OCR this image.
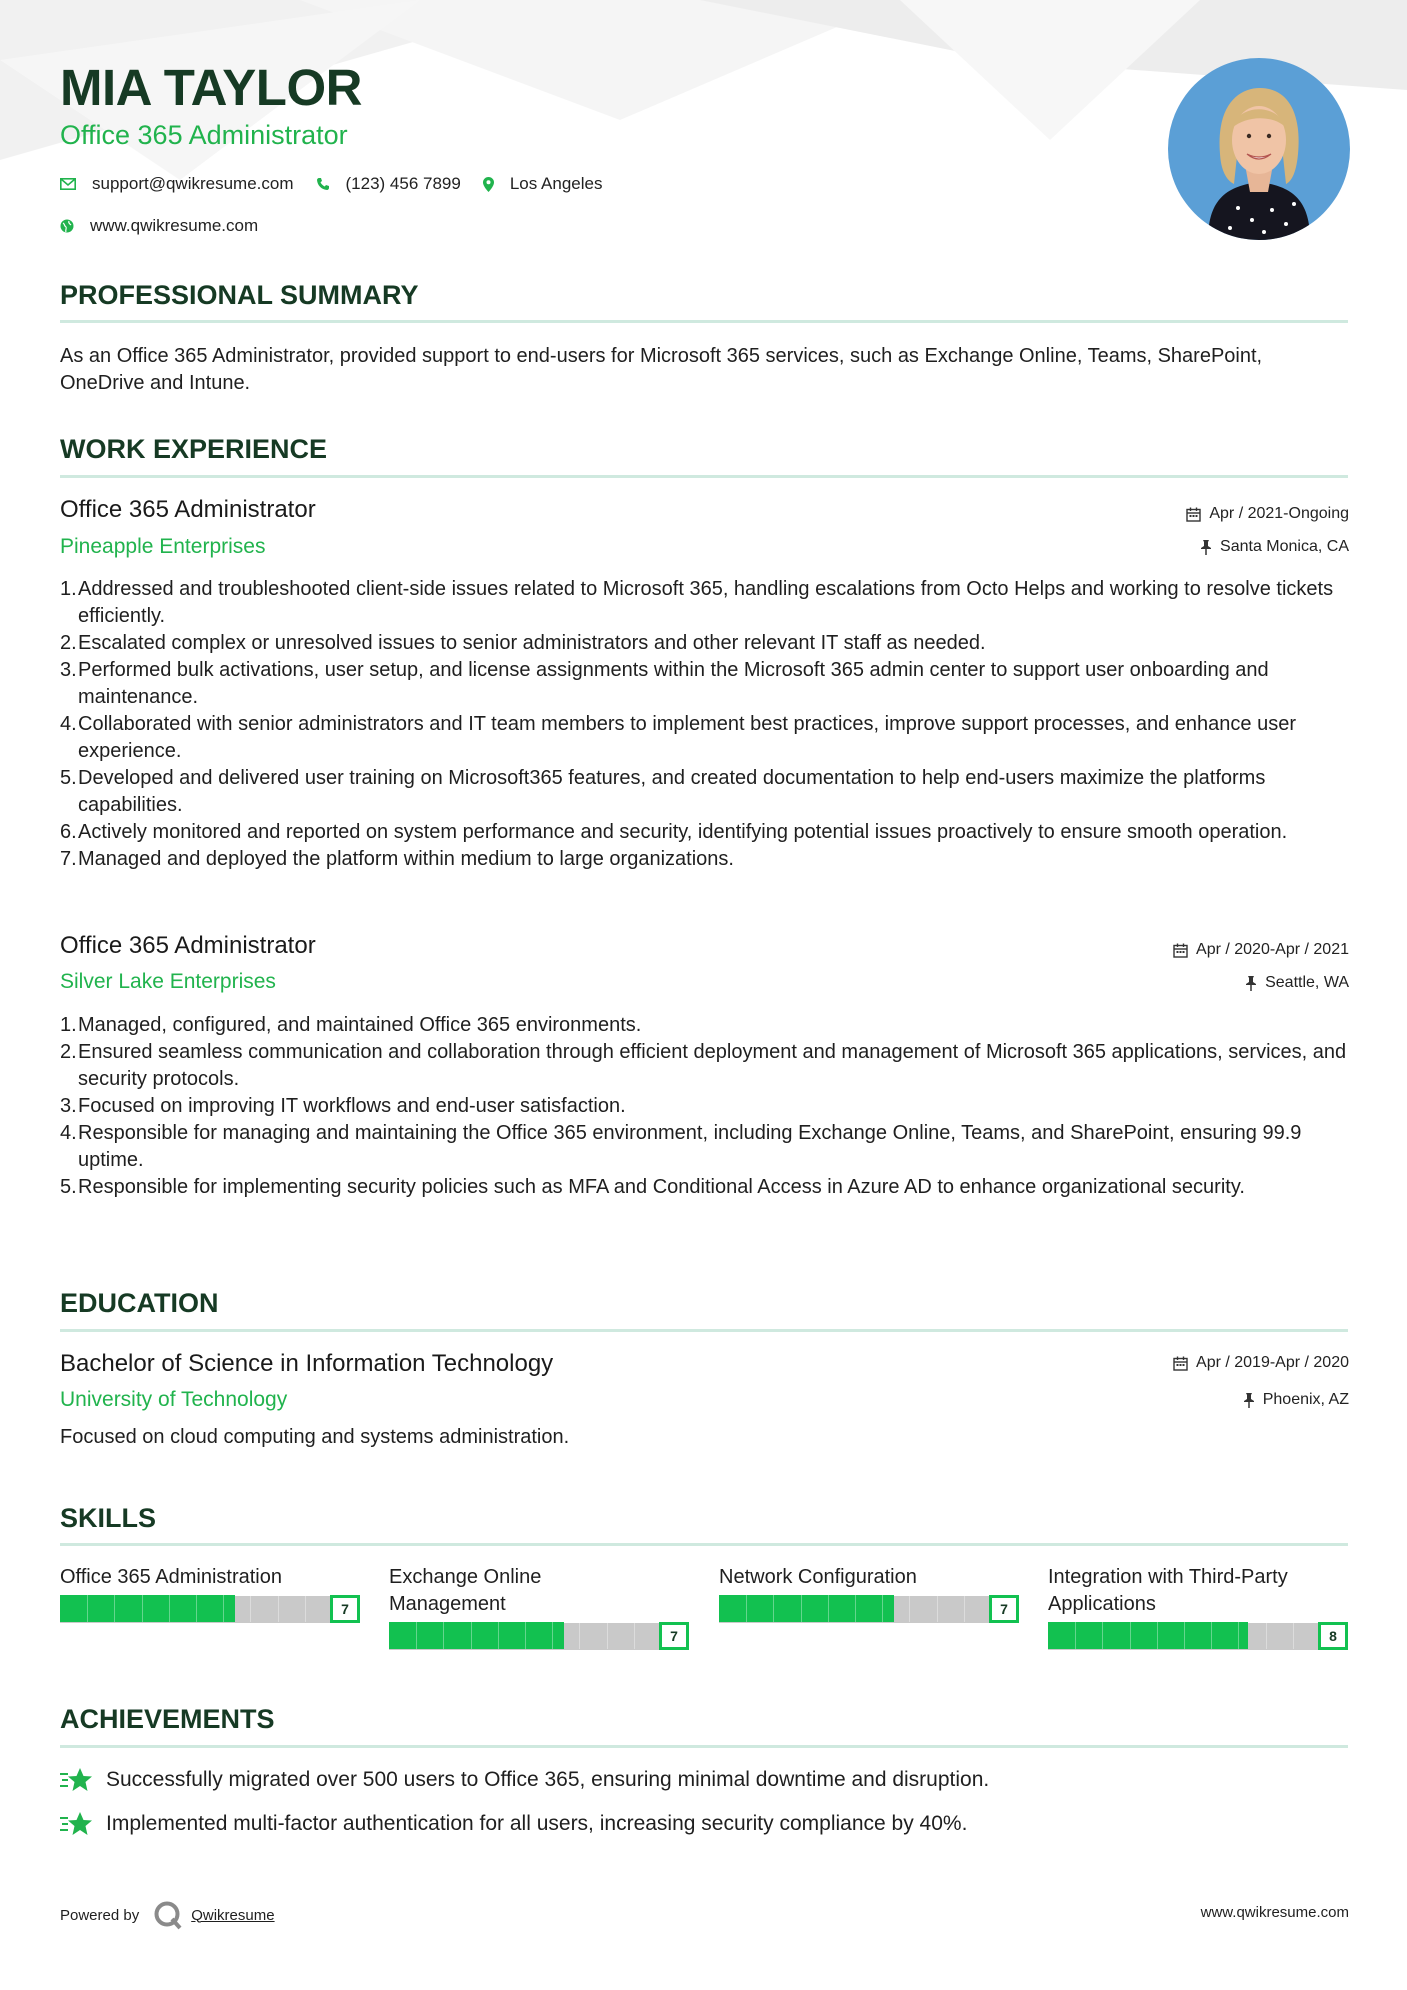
MIA TAYLOR
Office 365 Administrator
support@qwikresume.com	(123) 456 7899	Los Angeles
www.qwikresume.com
PROFESSIONAL SUMMARY
As an Office 365 Administrator, provided support to end-users for Microsoft 365 services, such as Exchange Online, Teams, SharePoint, OneDrive and Intune.
WORK EXPERIENCE
Office 365 Administrator	Apr / 2021-Ongoing
Pineapple Enterprises	Santa Monica, CA
1. Addressed and troubleshooted client-side issues related to Microsoft 365, handling escalations from Octo Helps and working to resolve tickets efficiently.
2. Escalated complex or unresolved issues to senior administrators and other relevant IT staff as needed.
3. Performed bulk activations, user setup, and license assignments within the Microsoft 365 admin center to support user onboarding and maintenance.
4. Collaborated with senior administrators and IT team members to implement best practices, improve support processes, and enhance user experience.
5. Developed and delivered user training on Microsoft365 features, and created documentation to help end-users maximize the platforms capabilities.
6. Actively monitored and reported on system performance and security, identifying potential issues proactively to ensure smooth operation.
7. Managed and deployed the platform within medium to large organizations.
Office 365 Administrator	Apr / 2020-Apr / 2021
Silver Lake Enterprises	Seattle, WA
1. Managed, configured, and maintained Office 365 environments.
2. Ensured seamless communication and collaboration through efficient deployment and management of Microsoft 365 applications, services, and security protocols.
3. Focused on improving IT workflows and end-user satisfaction.
4. Responsible for managing and maintaining the Office 365 environment, including Exchange Online, Teams, and SharePoint, ensuring 99.9 uptime.
5. Responsible for implementing security policies such as MFA and Conditional Access in Azure AD to enhance organizational security.
EDUCATION
Bachelor of Science in Information Technology	Apr / 2019-Apr / 2020
University of Technology	Phoenix, AZ
Focused on cloud computing and systems administration.
SKILLS
Office 365 Administration
7
Exchange Online Management
7
Network Configuration
7
Integration with Third-Party Applications
8
ACHIEVEMENTS
Successfully migrated over 500 users to Office 365, ensuring minimal downtime and disruption.
Implemented multi-factor authentication for all users, increasing security compliance by 40%.
Powered by	Qwikresume	www.qwikresume.com
